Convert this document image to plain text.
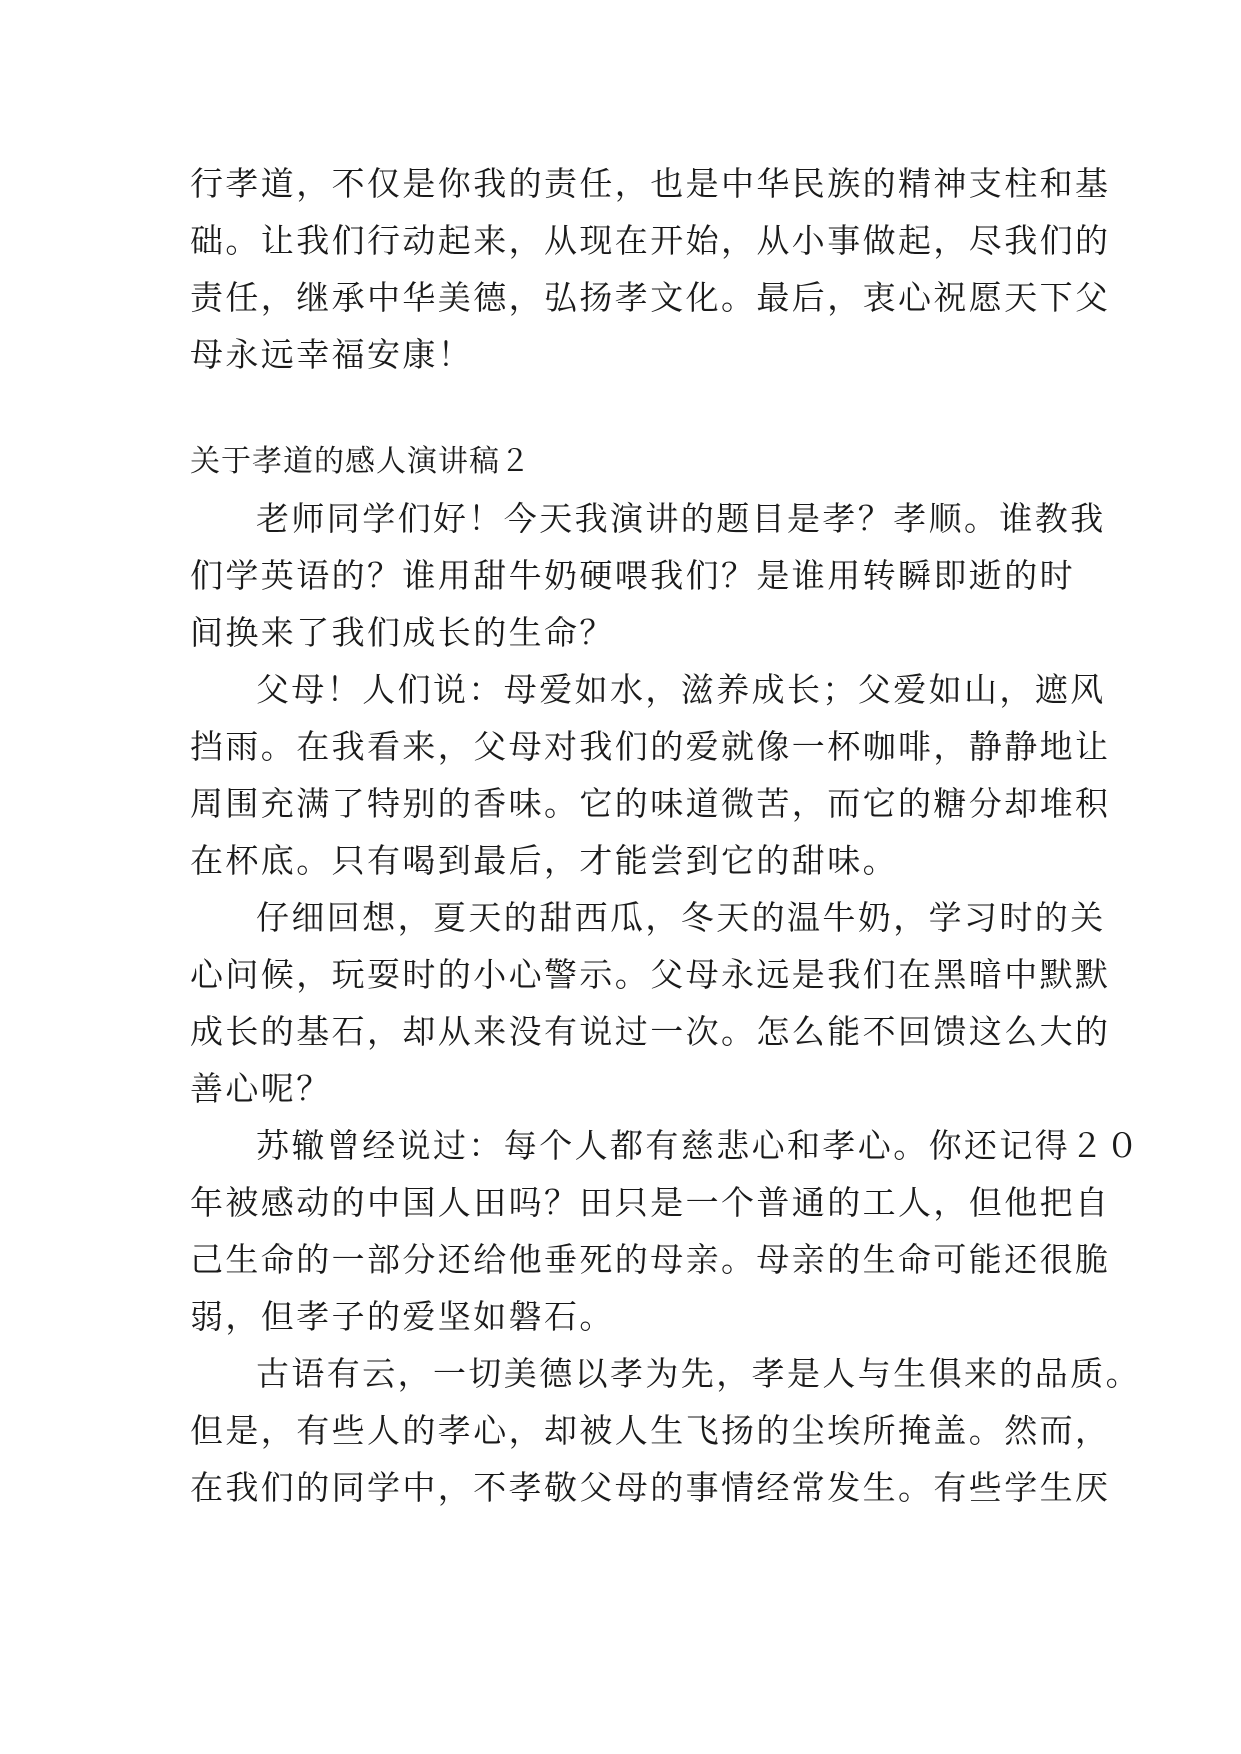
行孝道，不仅是你我的责任，也是中华民族的精神支柱和基
础。让我们行动起来，从现在开始，从小事做起，尽我们的
责任，继承中华美德，弘扬孝文化。最后，衷心祝愿天下父
母永远幸福安康！
关于孝道的感人演讲稿２
老师同学们好！今天我演讲的题目是孝？孝顺。谁教我
们学英语的？谁用甜牛奶硬喂我们？是谁用转瞬即逝的时
间换来了我们成长的生命？
父母！人们说：母爱如水，滋养成长；父爱如山，遮风
挡雨。在我看来，父母对我们的爱就像一杯咖啡，静静地让
周围充满了特别的香味。它的味道微苦，而它的糖分却堆积
在杯底。只有喝到最后，才能尝到它的甜味。
仔细回想，夏天的甜西瓜，冬天的温牛奶，学习时的关
心问候，玩耍时的小心警示。父母永远是我们在黑暗中默默
成长的基石，却从来没有说过一次。怎么能不回馈这么大的
善心呢？
苏辙曾经说过：每个人都有慈悲心和孝心。你还记得２０
年被感动的中国人田吗？田只是一个普通的工人，但他把自
己生命的一部分还给他垂死的母亲。母亲的生命可能还很脆
弱，但孝子的爱坚如磐石。
古语有云，一切美德以孝为先，孝是人与生俱来的品质。
但是，有些人的孝心，却被人生飞扬的尘埃所掩盖。然而，
在我们的同学中，不孝敬父母的事情经常发生。有些学生厌
